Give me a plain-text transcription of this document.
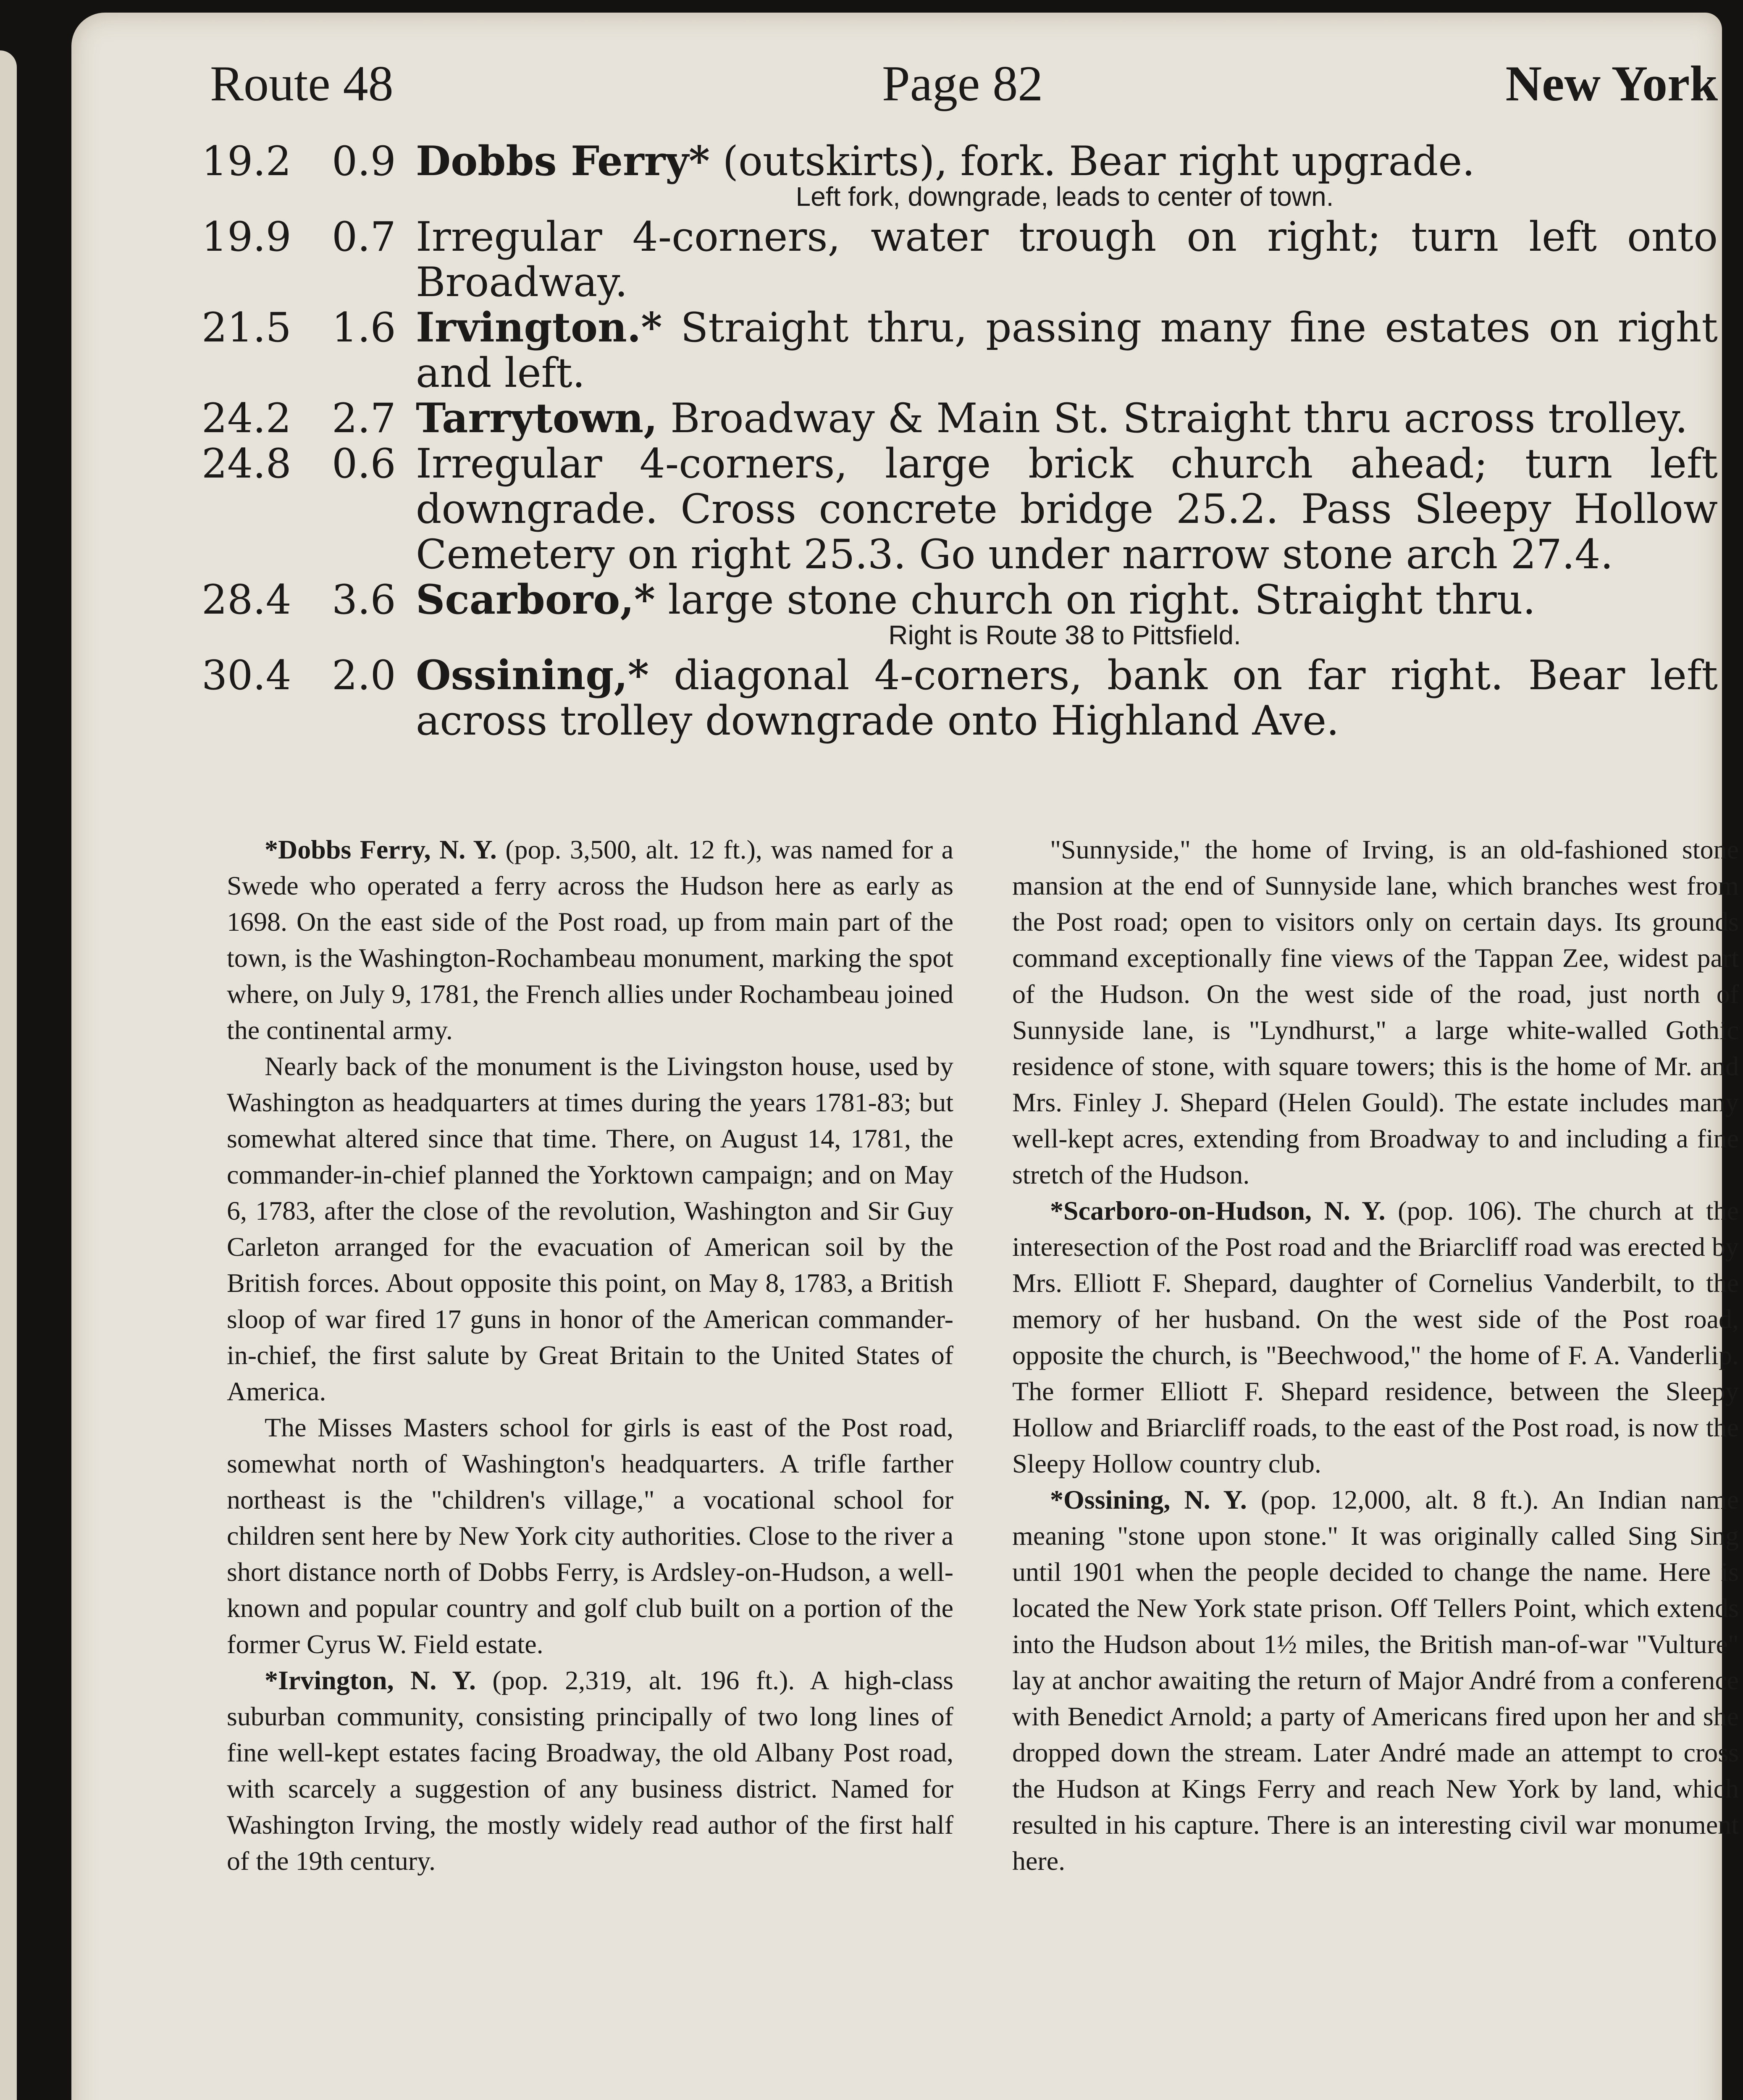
Route 48	Page 82	New York
19.2	0.9 Dobbs Ferry* (outskirts), fork. Bear right upgrade.
Left fork, downgrade, leads to center of town.
19.9	0.7 Irregular 4-corners, water trough on right; turn left onto Broadway.
21.5	1.6 Irvington.* Straight thru, passing many fine estates on right and left.
24.2	2.7 Tarrytown, Broadway & Main St. Straight thru across trolley.
24.8	0.6 Irregular 4-corners, large brick church ahead; turn left downgrade. Cross concrete bridge 25.2. Pass Sleepy Hollow Cemetery on right 25.3. Go under narrow stone arch 27.4.
28.4	3.6 Scarboro,* large stone church on right. Straight thru.
Right is Route 38 to Pittsfield.
30.4	2.0 Ossining,* diagonal 4-corners, bank on far right. Bear left across trolley downgrade onto Highland Ave.

*Dobbs Ferry, N. Y. (pop. 3,500, alt. 12 ft.), was named for a Swede who operated a ferry across the Hudson here as early as 1698. On the east side of the Post road, up from main part of the town, is the Washington-Rochambeau monument, marking the spot where, on July 9, 1781, the French allies under Rochambeau joined the continental army.

Nearly back of the monument is the Livingston house, used by Washington as headquarters at times during the years 1781-83; but somewhat altered since that time. There, on August 14, 1781, the commander-in-chief planned the Yorktown campaign; and on May 6, 1783, after the close of the revolution, Washington and Sir Guy Carleton arranged for the evacuation of American soil by the British forces. About opposite this point, on May 8, 1783, a British sloop of war fired 17 guns in honor of the American commander-in-chief, the first salute by Great Britain to the United States of America.

The Misses Masters school for girls is east of the Post road, somewhat north of Washington's headquarters. A trifle farther northeast is the "children's village," a vocational school for children sent here by New York city authorities. Close to the river a short distance north of Dobbs Ferry, is Ardsley-on-Hudson, a well-known and popular country and golf club built on a portion of the former Cyrus W. Field estate.

*Irvington, N. Y. (pop. 2,319, alt. 196 ft.). A high-class suburban community, consisting principally of two long lines of fine well-kept estates facing Broadway, the old Albany Post road, with scarcely a suggestion of any business district. Named for Washington Irving, the mostly widely read author of the first half of the 19th century.

"Sunnyside," the home of Irving, is an old-fashioned stone mansion at the end of Sunnyside lane, which branches west from the Post road; open to visitors only on certain days. Its grounds command exceptionally fine views of the Tappan Zee, widest part of the Hudson. On the west side of the road, just north of Sunnyside lane, is "Lyndhurst," a large white-walled Gothic residence of stone, with square towers; this is the home of Mr. and Mrs. Finley J. Shepard (Helen Gould). The estate includes many well-kept acres, extending from Broadway to and including a fine stretch of the Hudson.

*Scarboro-on-Hudson, N. Y. (pop. 106). The church at the interesection of the Post road and the Briarcliff road was erected by Mrs. Elliott F. Shepard, daughter of Cornelius Vanderbilt, to the memory of her husband. On the west side of the Post road, opposite the church, is "Beechwood," the home of F. A. Vanderlip. The former Elliott F. Shepard residence, between the Sleepy Hollow and Briarcliff roads, to the east of the Post road, is now the Sleepy Hollow country club.

*Ossining, N. Y. (pop. 12,000, alt. 8 ft.). An Indian name meaning "stone upon stone." It was originally called Sing Sing until 1901 when the people decided to change the name. Here is located the New York state prison. Off Tellers Point, which extends into the Hudson about 1½ miles, the British man-of-war "Vulture" lay at anchor awaiting the return of Major André from a conference with Benedict Arnold; a party of Americans fired upon her and she dropped down the stream. Later André made an attempt to cross the Hudson at Kings Ferry and reach New York by land, which resulted in his capture. There is an interesting civil war monument here.
